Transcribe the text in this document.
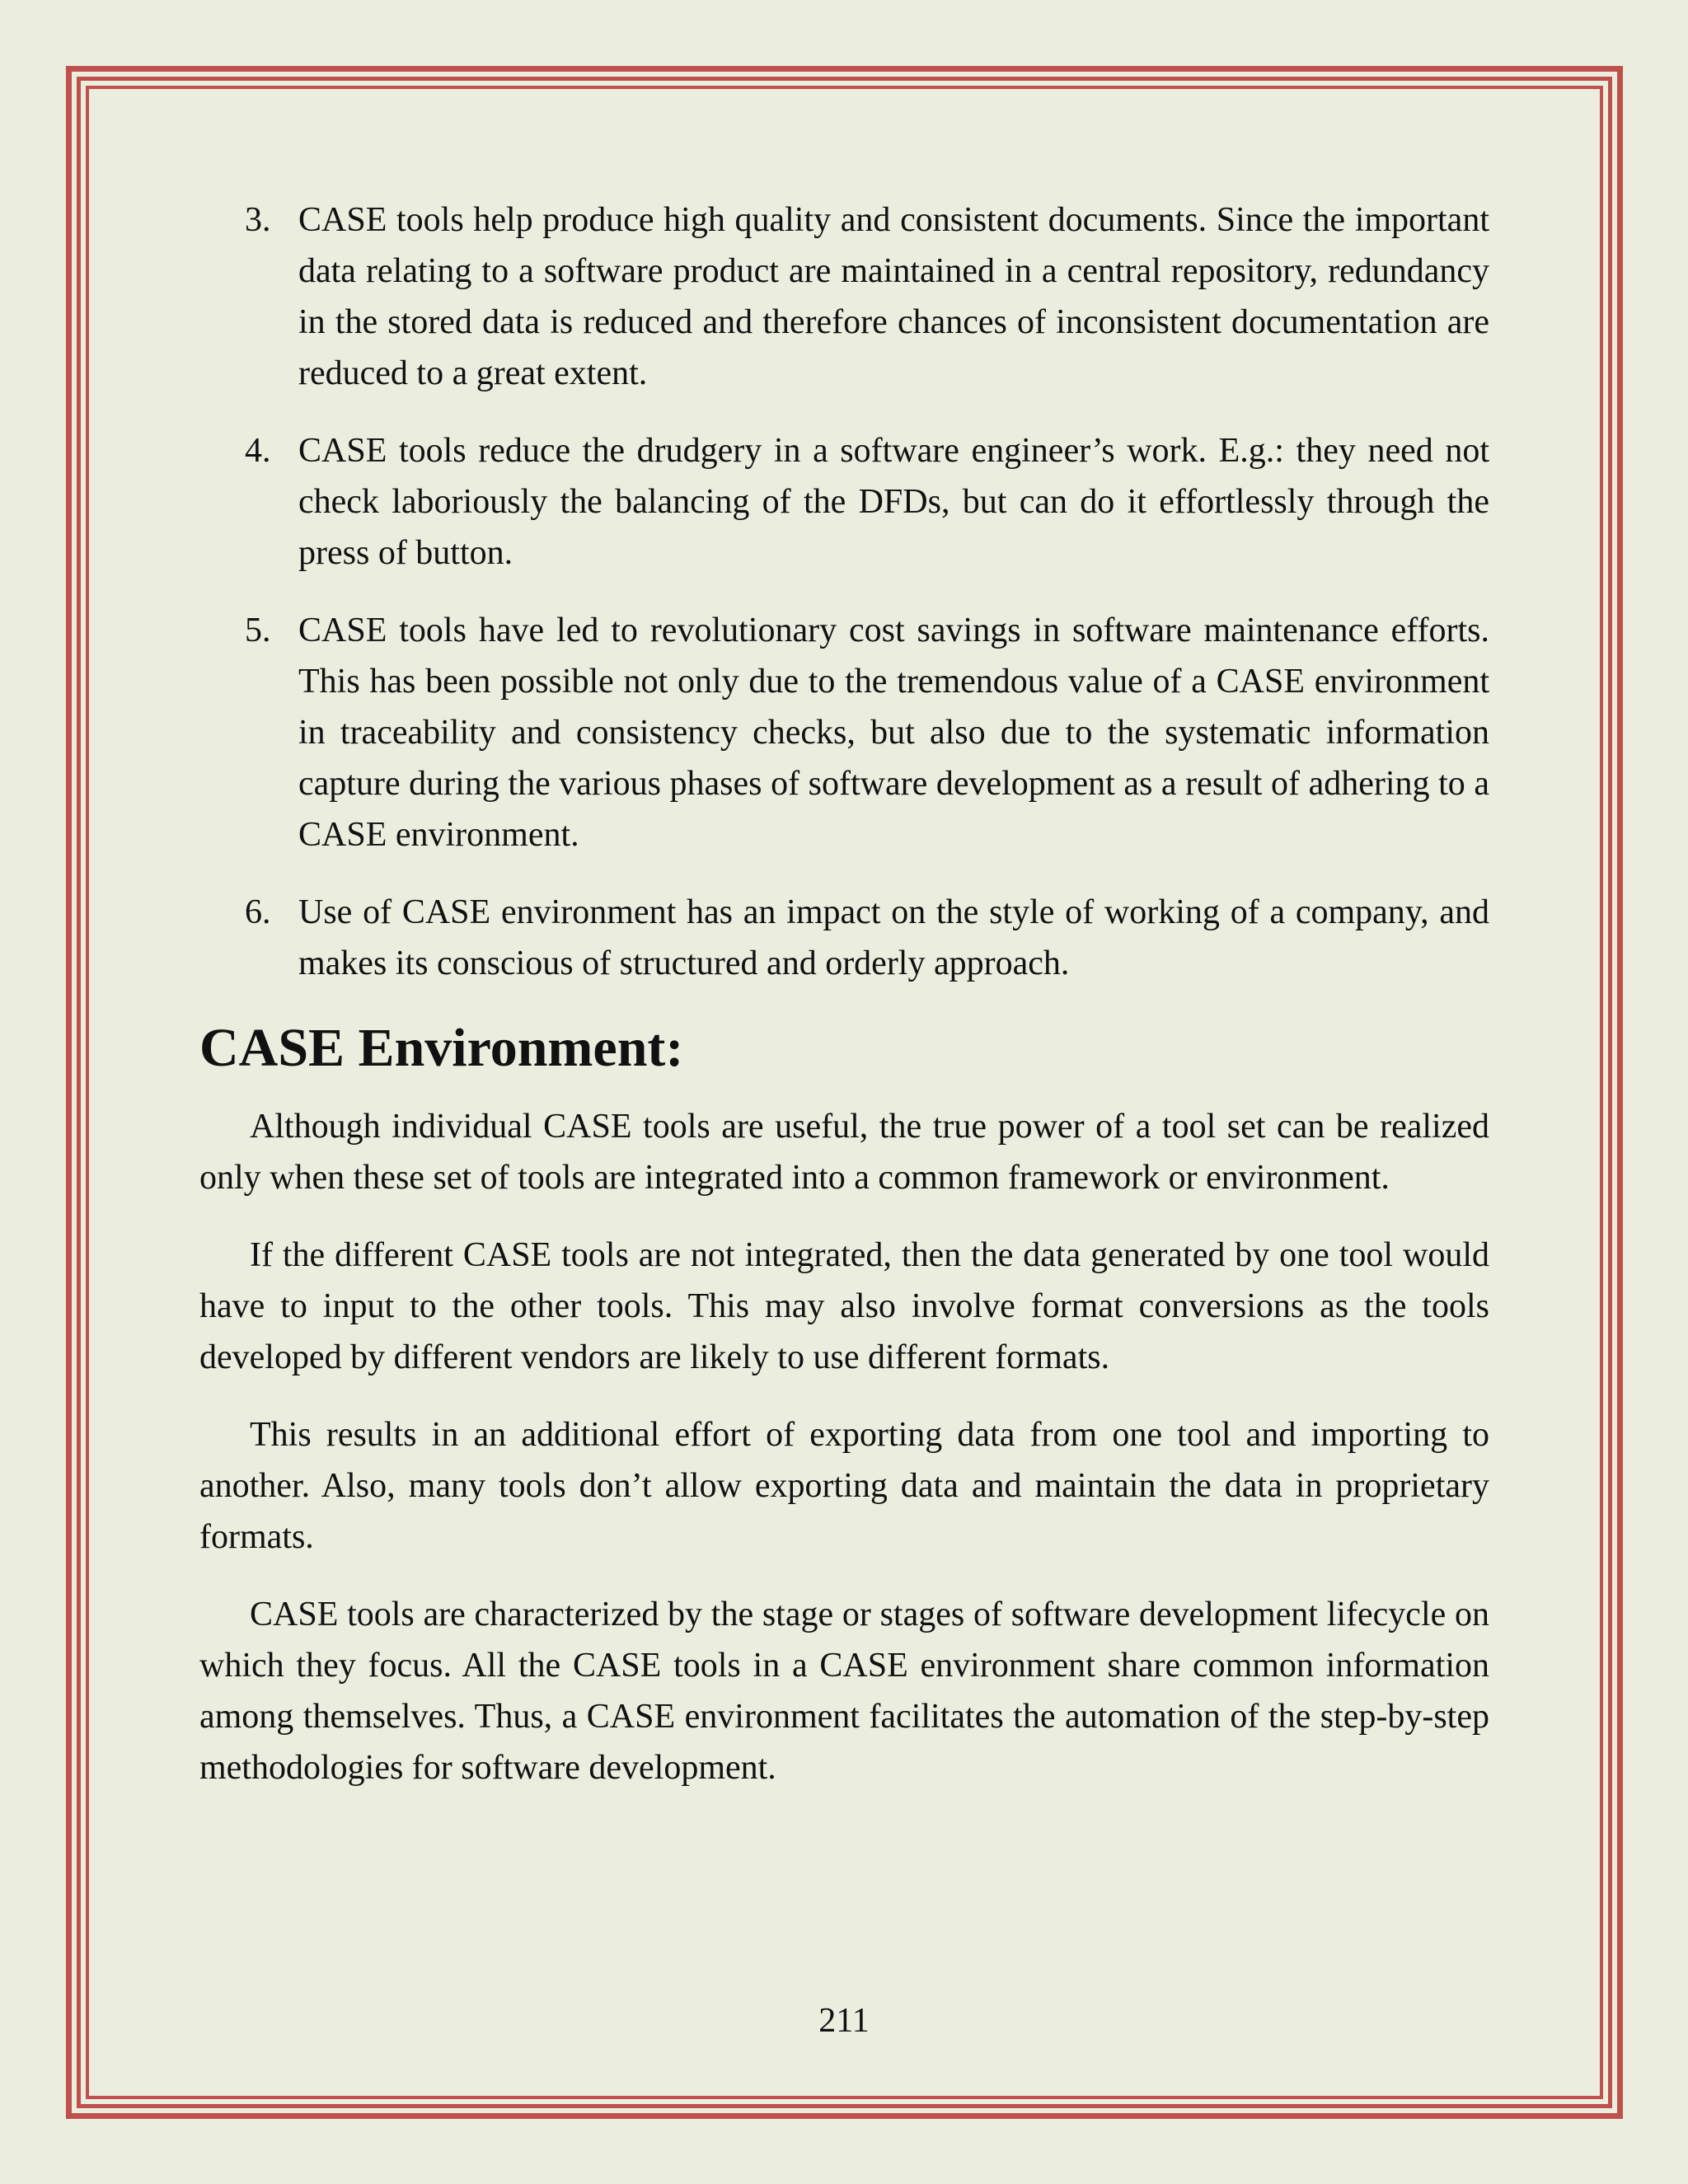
3. CASE tools help produce high quality and consistent documents. Since the important data relating to a software product are maintained in a central repository, redundancy in the stored data is reduced and therefore chances of inconsistent documentation are reduced to a great extent.
4. CASE tools reduce the drudgery in a software engineer’s work. E.g.: they need not check laboriously the balancing of the DFDs, but can do it effortlessly through the press of button.
5. CASE tools have led to revolutionary cost savings in software maintenance efforts. This has been possible not only due to the tremendous value of a CASE environment in traceability and consistency checks, but also due to the systematic information capture during the various phases of software development as a result of adhering to a CASE environment.
6. Use of CASE environment has an impact on the style of working of a company, and makes its conscious of structured and orderly approach.
CASE Environment:

Although individual CASE tools are useful, the true power of a tool set can be realized only when these set of tools are integrated into a common framework or environment.

If the different CASE tools are not integrated, then the data generated by one tool would have to input to the other tools. This may also involve format conversions as the tools developed by different vendors are likely to use different formats.

This results in an additional effort of exporting data from one tool and importing to another. Also, many tools don’t allow exporting data and maintain the data in proprietary formats.

CASE tools are characterized by the stage or stages of software development lifecycle on which they focus. All the CASE tools in a CASE environment share common information among themselves. Thus, a CASE environment facilitates the automation of the step-by-step methodologies for software development.

211
